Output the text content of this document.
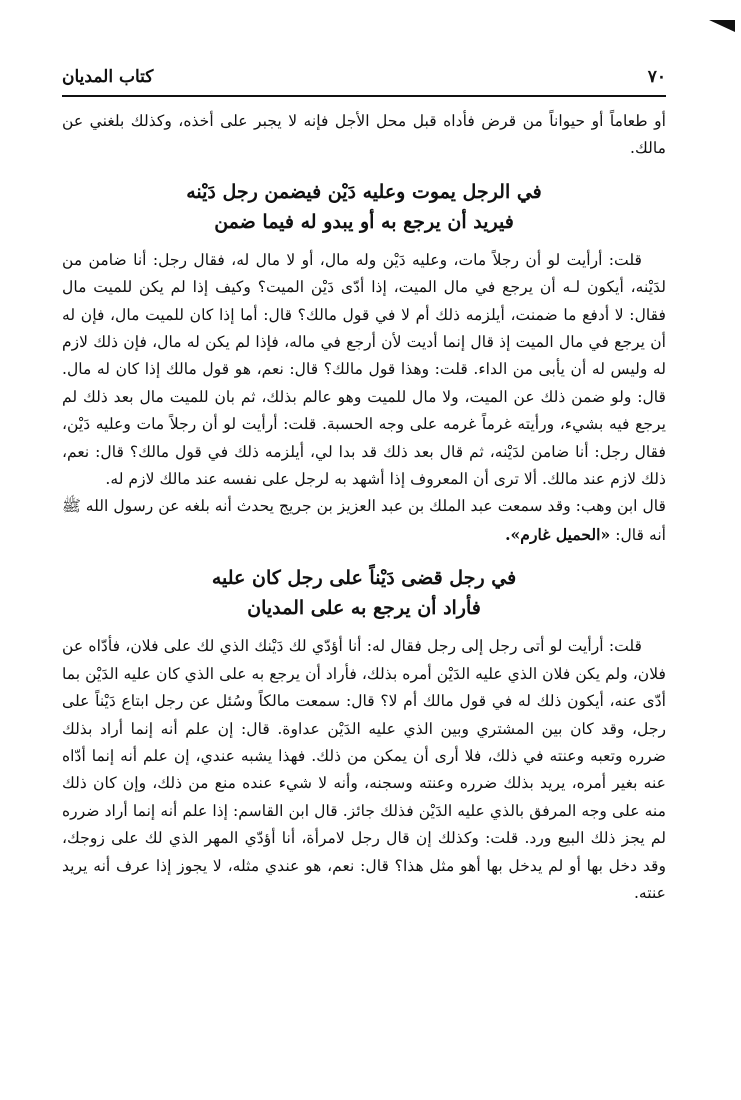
٧٠
كتاب المديان

أو طعاماً أو حيواناً من قرض فأداه قبل محل الأجل فإنه لا يجبر على أخذه، وكذلك بلغني عن مالك.

في الرجل يموت وعليه دَيْن فيضمن رجل دَيْنه
فيريد أن يرجع به أو يبدو له فيما ضمن

قلت: أرأيت لو أن رجلاً مات، وعليه دَيْن وله مال، أو لا مال له، فقال رجل: أنا ضامن من لدَيْنه، أيكون لـه أن يرجع في مال الميت، إذا أدّى دَيْن الميت؟ وكيف إذا لم يكن للميت مال فقال: لا أدفع ما ضمنت، أيلزمه ذلك أم لا في قول مالك؟ قال: أما إذا كان للميت مال، فإن له أن يرجع في مال الميت إذ قال إنما أديت لأن أرجع في ماله، فإذا لم يكن له مال، فإن ذلك لازم له وليس له أن يأبى من الداء. قلت: وهذا قول مالك؟ قال: نعم، هو قول مالك إذا كان له مال. قال: ولو ضمن ذلك عن الميت، ولا مال للميت وهو عالم بذلك، ثم بان للميت مال بعد ذلك لم يرجع فيه بشيء، ورأيته غرماً غرمه على وجه الحسبة. قلت: أرأيت لو أن رجلاً مات وعليه دَيْن، فقال رجل: أنا ضامن لدَيْنه، ثم قال بعد ذلك قد بدا لي، أيلزمه ذلك في قول مالك؟ قال: نعم، ذلك لازم عند مالك. ألا ترى أن المعروف إذا أشهد به لرجل على نفسه عند مالك لازم له.

قال ابن وهب: وقد سمعت عبد الملك بن عبد العزيز بن جريج يحدث أنه بلغه عن رسول الله ﷺ أنه قال: «الحميل غارم».

في رجل قضى دَيْناً على رجل كان عليه
فأراد أن يرجع به على المديان

قلت: أرأيت لو أتى رجل إلى رجل فقال له: أنا أؤدّي لك دَيْنك الذي لك على فلان، فأدّاه عن فلان، ولم يكن فلان الذي عليه الدَيْن أمره بذلك، فأراد أن يرجع به على الذي كان عليه الدَيْن بما أدّى عنه، أيكون ذلك له في قول مالك أم لا؟ قال: سمعت مالكاً وسُئل عن رجل ابتاع دَيْناً على رجل، وقد كان بين المشتري وبين الذي عليه الدَيْن عداوة. قال: إن علم أنه إنما أراد بذلك ضرره وتعبه وعنته في ذلك، فلا أرى أن يمكن من ذلك. فهذا يشبه عندي، إن علم أنه إنما أدّاه عنه بغير أمره، يريد بذلك ضرره وعنته وسجنه، وأنه لا شيء عنده منع من ذلك، وإن كان ذلك منه على وجه المرفق بالذي عليه الدَيْن فذلك جائز. قال ابن القاسم: إذا علم أنه إنما أراد ضرره لم يجز ذلك البيع ورد. قلت: وكذلك إن قال رجل لامرأة، أنا أؤدّي المهر الذي لك على زوجك، وقد دخل بها أو لم يدخل بها أهو مثل هذا؟ قال: نعم، هو عندي مثله، لا يجوز إذا عرف أنه يريد عنته.
